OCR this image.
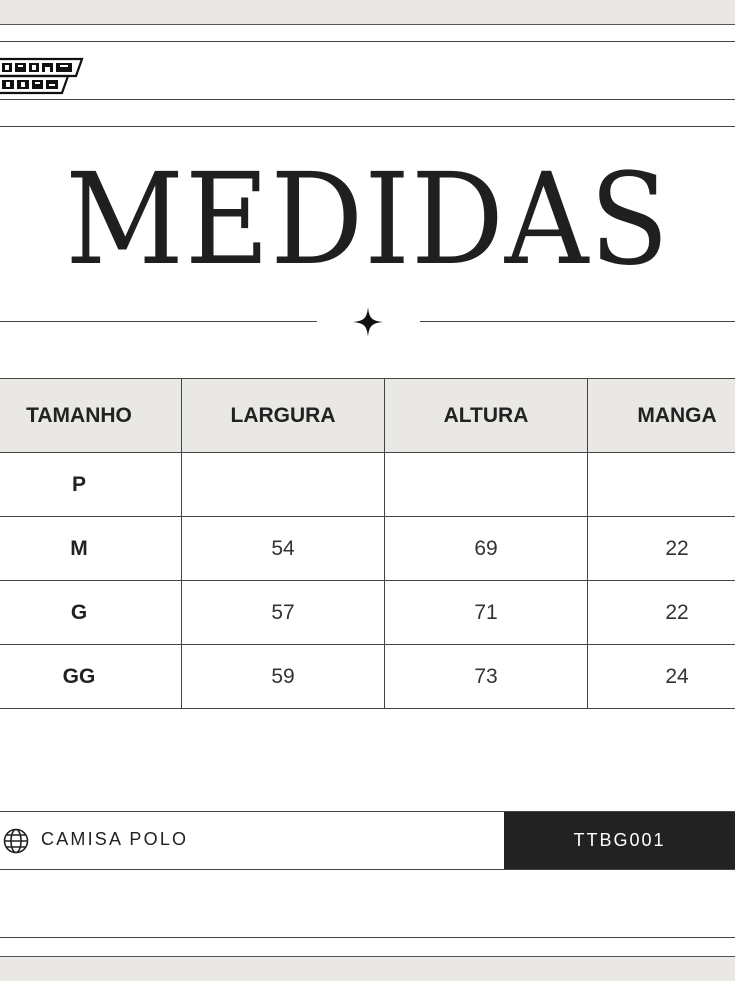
MEDIDAS
TAMANHO	LARGURA	ALTURA	MANGA
P			
M	54	69	22
G	57	71	22
GG	59	73	24
CAMISA POLO	TTBG001
